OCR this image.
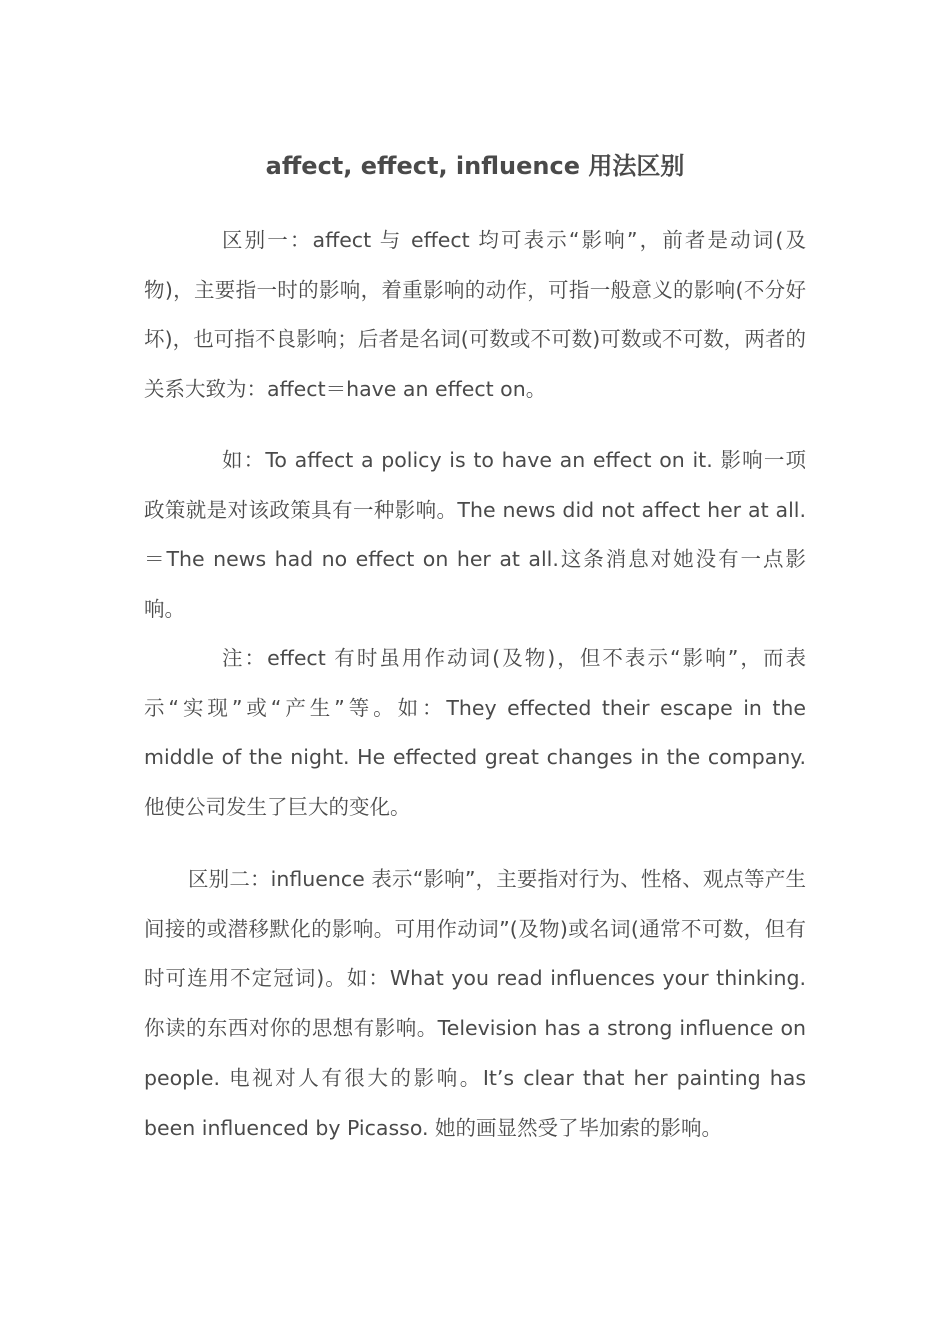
affect, effect, influence 用法区别

区别一：affect 与 effect 均可表示“影响”，前者是动词(及物)，主要指一时的影响，着重影响的动作，可指一般意义的影响(不分好坏)，也可指不良影响；后者是名词(可数或不可数)可数或不可数，两者的关系大致为：affect＝have an effect on。

如：To affect a policy is to have an effect on it. 影响一项政策就是对该政策具有一种影响。The news did not affect her at all.＝The news had no effect on her at all.这条消息对她没有一点影响。

注：effect 有时虽用作动词(及物)，但不表示“影响”，而表示“实现”或“产生”等。如：They effected their escape in the middle of the night. He effected great changes in the company. 他使公司发生了巨大的变化。

区别二：influence 表示“影响”，主要指对行为、性格、观点等产生间接的或潜移默化的影响。可用作动词”(及物)或名词(通常不可数，但有时可连用不定冠词)。如：What you read influences your thinking. 你读的东西对你的思想有影响。Television has a strong influence on people. 电视对人有很大的影响。It’s clear that her painting has been influenced by Picasso. 她的画显然受了毕加索的影响。
